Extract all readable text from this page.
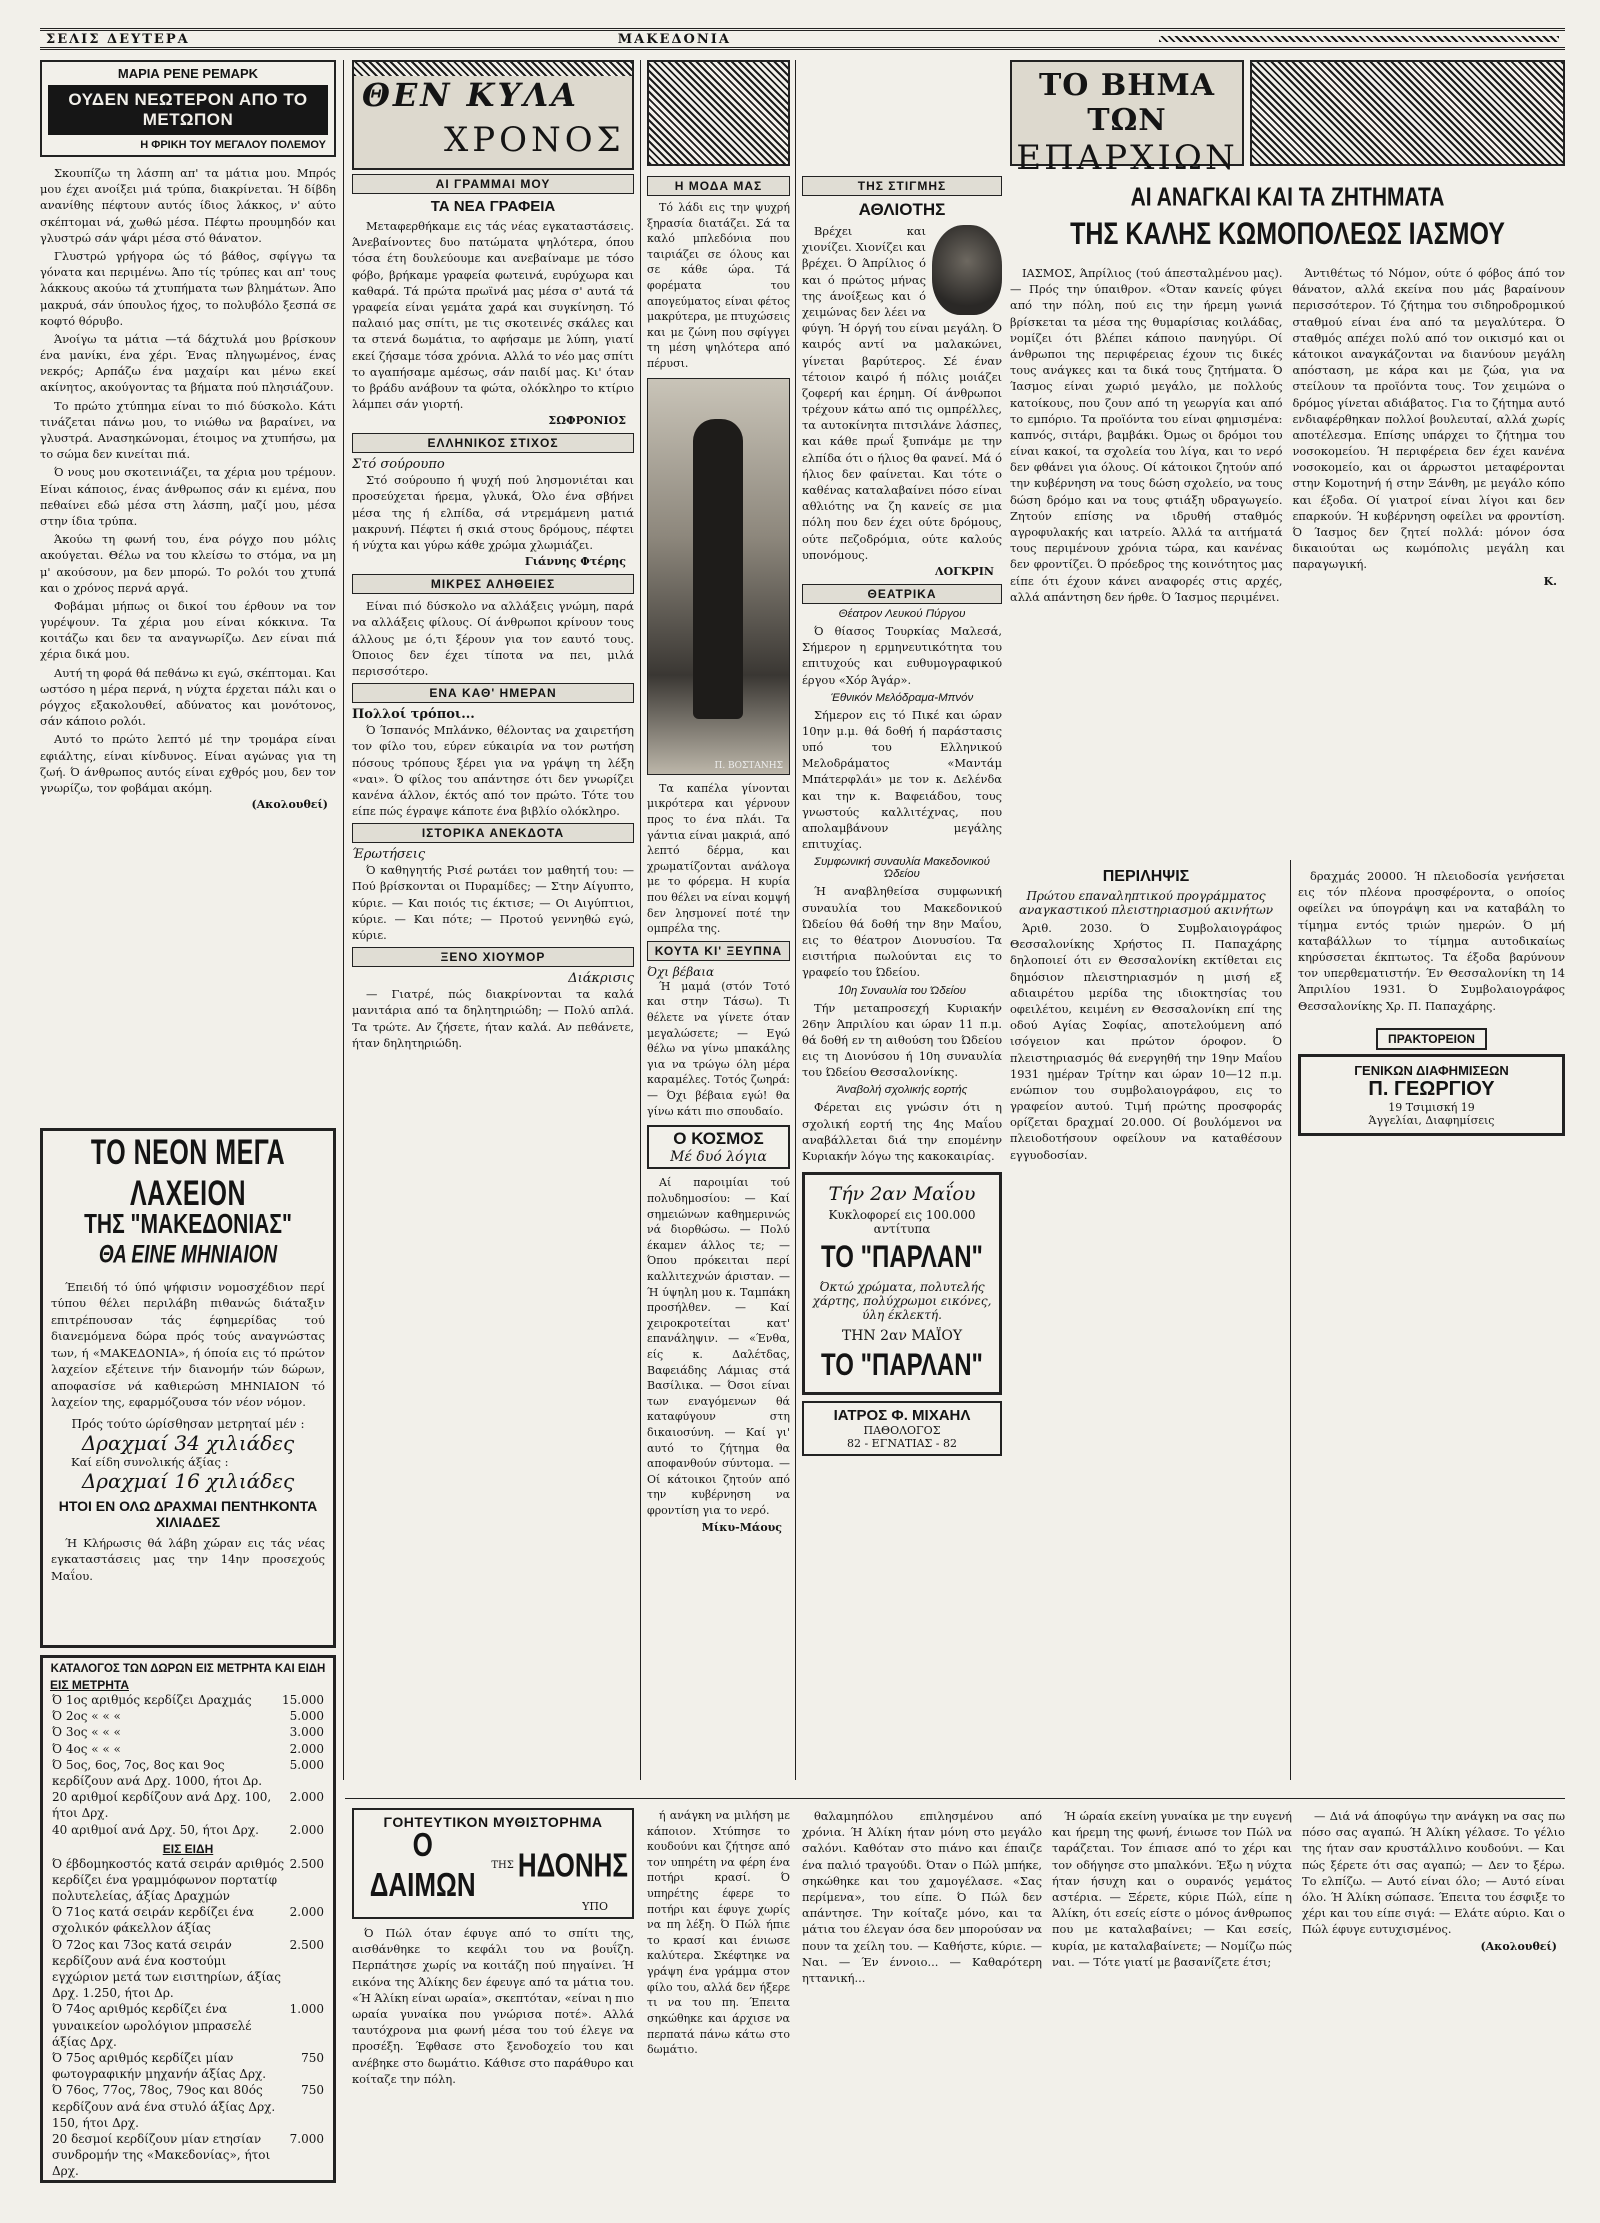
ΣΕΛΙΣ ΔΕΥΤΕΡΑ	ΜΑΚΕΔΟΝΙΑ
ΜΑΡΙΑ ΡΕΝΕ ΡΕΜΑΡΚ
ΟΥΔΕΝ ΝΕΩΤΕΡΟΝ ΑΠΟ ΤΟ ΜΕΤΩΠΟΝ
Η ΦΡΙΚΗ ΤΟΥ ΜΕΓΑΛΟΥ ΠΟΛΕΜΟΥ

Σκουπίζω τη λάσπη απ' τα μάτια μου. Μπρός μου έχει ανοίξει μιά τρύπα, διακρίνεται. Ή δίβδη ανανίθης πέφτουν αυτός ίδιος λάκκος, ν' αύτο σκέπτομαι νά, χωθώ μέσα. Πέφτω προυμηδόν και γλυστρώ σάν ψάρι μέσα στό θάνατον.

Γλυστρώ γρήγορα ώς τό βάθος, σφίγγω τα γόνατα και περιμένω. Άπο τίς τρύπες και απ' τους λάκκους ακούω τά χτυπήματα των βλημάτων. Άπο μακρυά, σάν ύπουλος ήχος, το πολυβόλο ξεσπά σε κοφτό θόρυβο.

Άνοίγω τα μάτια —τά δάχτυλά μου βρίσκουν ένα μανίκι, ένα χέρι. Ένας πληγωμένος, ένας νεκρός; Αρπάζω ένα μαχαίρι και μένω εκεί ακίνητος, ακούγοντας τα βήματα πού πλησιάζουν.

Το πρώτο χτύπημα είναι το πιό δύσκολο. Κάτι τινάζεται πάνω μου, το νιώθω να βαραίνει, να γλυστρά. Ανασηκώνομαι, έτοιμος να χτυπήσω, μα το σώμα δεν κινείται πιά.

Ό νους μου σκοτεινιάζει, τα χέρια μου τρέμουν. Είναι κάποιος, ένας άνθρωπος σάν κι εμένα, που πεθαίνει εδώ μέσα στη λάσπη, μαζί μου, μέσα στην ίδια τρύπα.

Άκούω τη φωνή του, ένα ρόγχο που μόλις ακούγεται. Θέλω να του κλείσω το στόμα, να μη μ' ακούσουν, μα δεν μπορώ. Το ρολόι του χτυπά και ο χρόνος περνά αργά.

Φοβάμαι μήπως οι δικοί του έρθουν να τον γυρέψουν. Τα χέρια μου είναι κόκκινα. Τα κοιτάζω και δεν τα αναγνωρίζω. Δεν είναι πιά χέρια δικά μου.

Αυτή τη φορά θά πεθάνω κι εγώ, σκέπτομαι. Και ωστόσο η μέρα περνά, η νύχτα έρχεται πάλι και ο ρόγχος εξακολουθεί, αδύνατος και μονότονος, σάν κάποιο ρολόι.

Αυτό το πρώτο λεπτό μέ την τρομάρα είναι εφιάλτης, είναι κίνδυνος. Είναι αγώνας για τη ζωή. Ό άνθρωπος αυτός είναι εχθρός μου, δεν τον γνωρίζω, τον φοβάμαι ακόμη.

(Ακολουθεί)
ΤΟ ΝΕΟΝ ΜΕΓΑ ΛΑΧΕΙΟΝ
ΤΗΣ "ΜΑΚΕΔΟΝΙΑΣ"
ΘΑ ΕΙΝΕ ΜΗΝΙΑΙΟΝ

Έπειδή τό ύπό ψήφισιν νομοσχέδιον περί τύπου θέλει περιλάβη πιθανώς διάταξιν επιτρέπουσαν τάς έφημερίδας τού διανεμόμενα δώρα πρός τούς αναγνώστας των, ή «ΜΑΚΕΔΟΝΙΑ», ή όποία εις τό πρώτον λαχείον εξέτεινε τήν διανομήν τών δώρων, αποφασίσε νά καθιερώση ΜΗΝΙΑΙΟΝ τό λαχείον της, εφαρμόζουσα τόν νέον νόμον.

Πρός τούτο ώρίσθησαν μετρηταί μέν :
Δραχμαί 34 χιλιάδες
Καί είδη συνολικής άξίας :
Δραχμαί 16 χιλιάδες
ΗΤΟΙ ΕΝ ΟΛΩ ΔΡΑΧΜΑΙ ΠΕΝΤΗΚΟΝΤΑ ΧΙΛΙΑΔΕΣ

Ή Κλήρωσις θά λάβη χώραν εις τάς νέας εγκαταστάσεις μας την 14ην προσεχούς Μαΐου.

ΚΑΤΑΛΟΓΟΣ ΤΩΝ ΔΩΡΩΝ ΕΙΣ ΜΕΤΡΗΤΑ ΚΑΙ ΕΙΔΗ
ΕΙΣ ΜΕΤΡΗΤΑ
Ό 1ος αριθμός κερδίζει Δραχμάς	15.000
Ό 2ος « « «	5.000
Ό 3ος « « «	3.000
Ό 4ος « « «	2.000
Ό 5ος, 6ος, 7ος, 8ος και 9ος κερδίζουν ανά Δρχ. 1000, ήτοι Δρ.	5.000
20 αριθμοί κερδίζουν ανά Δρχ. 100, ήτοι Δρχ.	2.000
40 αριθμοί ανά Δρχ. 50, ήτοι Δρχ.	2.000
ΕΙΣ ΕΙΔΗ
Ό έβδομηκοστός κατά σειράν αριθμός κερδίζει ένα γραμμόφωνον πορτατίφ πολυτελείας, άξίας Δραχμών	2.500
Ό 71ος κατά σειράν κερδίζει ένα σχολικόν φάκελλον άξίας	2.000
Ό 72ος και 73ος κατά σειράν κερδίζουν ανά ένα κοστούμι εγχώριον μετά των εισιτηρίων, άξίας Δρχ. 1.250, ήτοι Δρ.	2.500
Ό 74ος αριθμός κερδίζει ένα γυναικείον ωρολόγιον μπρασελέ άξίας Δρχ.	1.000
Ό 75ος αριθμός κερδίζει μίαν φωτογραφικήν μηχανήν άξίας Δρχ.	750
Ό 76ος, 77ος, 78ος, 79ος και 80ός κερδίζουν ανά ένα στυλό άξίας Δρχ. 150, ήτοι Δρχ.	750
20 δεσμοί κερδίζουν μίαν ετησίαν συνδρομήν της «Μακεδονίας», ήτοι Δρχ.	7.000
ΘΕΝ ΚΥΛΑ
ΧΡΟΝΟΣ
ΑΙ ΓΡΑΜΜΑΙ ΜΟΥ
ΤΑ ΝΕΑ ΓΡΑΦΕΙΑ

Μεταφερθήκαμε εις τάς νέας εγκαταστάσεις. Άνεβαίνοντες δυο πατώματα ψηλότερα, όπου τόσα έτη δουλεύουμε και ανεβαίναμε με τόσο φόβο, βρήκαμε γραφεία φωτεινά, ευρύχωρα και καθαρά. Τά πρώτα πρωϊνά μας μέσα σ' αυτά τά γραφεία είναι γεμάτα χαρά και συγκίνηση. Τό παλαιό μας σπίτι, με τις σκοτεινές σκάλες και τα στενά δωμάτια, το αφήσαμε με λύπη, γιατί εκεί ζήσαμε τόσα χρόνια. Αλλά το νέο μας σπίτι το αγαπήσαμε αμέσως, σάν παιδί μας. Κι' όταν το βράδυ ανάβουν τα φώτα, ολόκληρο το κτίριο λάμπει σάν γιορτή.

ΣΩΦΡΟΝΙΟΣ
ΕΛΛΗΝΙΚΟΣ ΣΤΙΧΟΣ
Στό σούρουπο

Στό σούρουπο ή ψυχή πού λησμονιέται και προσεύχεται ήρεμα, γλυκά, Όλο ένα σβήνει μέσα της ή ελπίδα, σά ντρεμάμενη ματιά μακρυνή. Πέφτει ή σκιά στους δρόμους, πέφτει ή νύχτα και γύρω κάθε χρώμα χλωμιάζει.

Γιάννης Φτέρης
ΜΙΚΡΕΣ ΑΛΗΘΕΙΕΣ

Είναι πιό δύσκολο να αλλάξεις γνώμη, παρά να αλλάξεις φίλους. Οί άνθρωποι κρίνουν τους άλλους με ό,τι ξέρουν για τον εαυτό τους. Όποιος δεν έχει τίποτα να πει, μιλά περισσότερο.

ΕΝΑ ΚΑΘ' ΗΜΕΡΑΝ
Πολλοί τρόποι...

Ό Ίσπανός Μπλάνκο, θέλοντας να χαιρετήση τον φίλο του, εύρεν εύκαιρία να τον ρωτήση πόσους τρόπους ξέρει για να γράψη τη λέξη «ναι». Ό φίλος του απάντησε ότι δεν γνωρίζει κανένα άλλον, έκτός από τον πρώτο. Τότε του είπε πώς έγραψε κάποτε ένα βιβλίο ολόκληρο.

ΙΣΤΟΡΙΚΑ ΑΝΕΚΔΟΤΑ
Έρωτήσεις

Ό καθηγητής Ρισέ ρωτάει τον μαθητή του: — Πού βρίσκονται οι Πυραμίδες; — Στην Αίγυπτο, κύριε. — Και ποιός τις έκτισε; — Οι Αιγύπτιοι, κύριε. — Και πότε; — Προτού γεννηθώ εγώ, κύριε.

ΞΕΝΟ ΧΙΟΥΜΟΡ
Διάκρισις

— Γιατρέ, πώς διακρίνονται τα καλά μανιτάρια από τα δηλητηριώδη; — Πολύ απλά. Τα τρώτε. Αν ζήσετε, ήταν καλά. Αν πεθάνετε, ήταν δηλητηριώδη.

Η ΜΟΔΑ ΜΑΣ

Τό λάδι εις την ψυχρή ξηρασία διατάζει. Σά τα καλό μπλεδόνια που ταιριάζει σε όλους και σε κάθε ώρα. Τά φορέματα του απογεύματος είναι φέτος μακρύτερα, με πτυχώσεις και με ζώνη που σφίγγει τη μέση ψηλότερα από πέρυσι.

Π. ΒΟΣΤΑΝΗΣ

Τα καπέλα γίνονται μικρότερα και γέρνουν προς το ένα πλάι. Τα γάντια είναι μακριά, από λεπτό δέρμα, και χρωματίζονται ανάλογα με το φόρεμα. Η κυρία που θέλει να είναι κομψή δεν λησμονεί ποτέ την ομπρέλα της.

ΚΟΥΤΑ ΚΙ' ΞΕΥΠΝΑ
Όχι βέβαια

Ή μαμά (στόν Τοτό και στην Τάσω). Τι θέλετε να γίνετε όταν μεγαλώσετε; — Εγώ θέλω να γίνω μπακάλης για να τρώγω όλη μέρα καραμέλες. Τοτός ζωηρά: — Όχι βέβαια εγώ! θα γίνω κάτι πιο σπουδαίο.

Ο ΚΟΣΜΟΣ
Μέ δυό λόγια

Αί παροιμίαι τού πολυδημοσίου: — Καί σημειώνων καθημερινώς νά διορθώσω. — Πολύ έκαμεν άλλος τε; — Όπου πρόκειται περί καλλιτεχνών άρισταν. — Ή ύψηλη μου κ. Ταμπάκη προσήλθεν. — Καί χειροκροτείται κατ' επανάληψιν. — «Ένθα, είς κ. Δαλέτδας, Βαφειάδης Λάμιας στά Βασίλικα. — Όσοι είναι των εναγόμενων θά καταφύγουν στη δικαιοσύνη. — Καί γι' αυτό το ζήτημα θα αποφανθούν σύντομα. — Οί κάτοικοι ζητούν από την κυβέρνηση να φροντίση για το νερό.

Μίκυ-Μάους
ΤΗΣ ΣΤΙΓΜΗΣ
ΑΘΛΙΟΤΗΣ

Βρέχει και χιονίζει. Χιονίζει και βρέχει. Ό Άπρίλιος ό και ό πρώτος μήνας της άνοίξεως και ό χειμώνας δεν λέει να φύγη. Ή όργή του είναι μεγάλη. Ό καιρός αντί να μαλακώνει, γίνεται βαρύτερος. Σέ έναν τέτοιον καιρό ή πόλις μοιάζει ζοφερή και έρημη. Οί άνθρωποι τρέχουν κάτω από τις ομπρέλλες, τα αυτοκίνητα πιτσιλάνε λάσπες, και κάθε πρωΐ ξυπνάμε με την ελπίδα ότι ο ήλιος θα φανεί. Μά ό ήλιος δεν φαίνεται. Και τότε ο καθένας καταλαβαίνει πόσο είναι αθλιότης να ζη κανείς σε μια πόλη που δεν έχει ούτε δρόμους, ούτε πεζοδρόμια, ούτε καλούς υπονόμους.

ΛΟΓΚΡΙΝ
ΘΕΑΤΡΙΚΑ
Θέατρον Λευκού Πύργου

Ό θίασος Τουρκίας Μαλεσά, Σήμερον η ερμηνευτικότητα του επιτυχούς και ευθυμογραφικού έργου «Χόρ Άγάρ».

Έθνικόν Μελόδραμα-Μπνόν

Σήμερον εις τό Πικέ και ώραν 10ην μ.μ. θά δοθή ή παράστασις υπό του Ελληνικού Μελοδράματος «Μαντάμ Μπάτερφλάι» με τον κ. Δελένδα και την κ. Βαφειάδου, τους γνωστούς καλλιτέχνας, που απολαμβάνουν μεγάλης επιτυχίας.

Συμφωνική συναυλία Μακεδονικού Ώδείου

Ή αναβληθείσα συμφωνική συναυλία του Μακεδονικού Ώδείου θά δοθή την 8ην Μαΐου, εις το θέατρον Διονυσίου. Τα εισιτήρια πωλούνται εις το γραφείο του Ώδείου.

10η Συναυλία του Ώδείου

Τήν μεταπροσεχή Κυριακήν 26ην Άπριλίου και ώραν 11 π.μ. θά δοθή εν τη αιθούση του Ώδείου εις τη Διονύσου ή 10η συναυλία του Ώδείου Θεσσαλονίκης.

Άναβολή σχολικής εορτής

Φέρεται εις γνώσιν ότι η σχολική εορτή της 4ης Μαΐου αναβάλλεται διά την επομένην Κυριακήν λόγω της κακοκαιρίας.

Τήν 2αν Μαΐου
Κυκλοφορεί εις 100.000 αντίτυπα
ΤΟ "ΠΑΡΛΑΝ"
Όκτώ χρώματα, πολυτελής χάρτης, πολύχρωμοι εικόνες, ύλη έκλεκτή.
ΤΗΝ 2αν ΜΑΪΟΥ
ΤΟ "ΠΑΡΛΑΝ"
ΙΑΤΡΟΣ Φ. ΜΙΧΑΗΛ
ΠΑΘΟΛΟΓΟΣ
82 - ΕΓΝΑΤΙΑΣ - 82
ΤΟ ΒΗΜΑ ΤΩΝ
ΕΠΑΡΧΙΩΝ
ΑΙ ΑΝΑΓΚΑΙ ΚΑΙ ΤΑ ΖΗΤΗΜΑΤΑ
ΤΗΣ ΚΑΛΗΣ ΚΩΜΟΠΟΛΕΩΣ ΙΑΣΜΟΥ

ΙΑΣΜΟΣ, Άπρίλιος (τού άπεσταλμένου μας).— Πρός την ύπαιθρον. «Όταν κανείς φύγει από την πόλη, πού εις την ήρεμη γωνιά βρίσκεται τα μέσα της θυμαρίσιας κοιλάδας, νομίζει ότι βλέπει κάποιο πανηγύρι. Οί άνθρωποι της περιφέρειας έχουν τις δικές τους ανάγκες και τα δικά τους ζητήματα. Ό Ίασμος είναι χωριό μεγάλο, με πολλούς κατοίκους, που ζουν από τη γεωργία και από το εμπόριο. Τα προϊόντα του είναι φημισμένα: καπνός, σιτάρι, βαμβάκι. Όμως οι δρόμοι του είναι κακοί, τα σχολεία του λίγα, και το νερό δεν φθάνει για όλους. Οί κάτοικοι ζητούν από την κυβέρνηση να τους δώση σχολείο, να τους δώση δρόμο και να τους φτιάξη υδραγωγείο. Ζητούν επίσης να ιδρυθή σταθμός αγροφυλακής και ιατρείο. Άλλά τα αιτήματά τους περιμένουν χρόνια τώρα, και κανένας δεν φροντίζει. Ό πρόεδρος της κοινότητος μας είπε ότι έχουν κάνει αναφορές στις αρχές, αλλά απάντηση δεν ήρθε. Ό Ίασμος περιμένει.

Άντιθέτως τό Νόμον, ούτε ό φόβος άπό τον θάνατον, αλλά εκείνα που μάς βαραίνουν περισσότερον. Τό ζήτημα του σιδηροδρομικού σταθμού είναι ένα από τα μεγαλύτερα. Ό σταθμός απέχει πολύ από τον οικισμό και οι κάτοικοι αναγκάζονται να διανύουν μεγάλη απόσταση, με κάρα και με ζώα, για να στείλουν τα προϊόντα τους. Τον χειμώνα ο δρόμος γίνεται αδιάβατος. Για το ζήτημα αυτό ενδιαφέρθηκαν πολλοί βουλευταί, αλλά χωρίς αποτέλεσμα. Επίσης υπάρχει το ζήτημα του νοσοκομείου. Ή περιφέρεια δεν έχει κανένα νοσοκομείο, και οι άρρωστοι μεταφέρονται στην Κομοτηνή ή στην Ξάνθη, με μεγάλο κόπο και έξοδα. Οί γιατροί είναι λίγοι και δεν επαρκούν. Ή κυβέρνηση οφείλει να φροντίση. Ό Ίασμος δεν ζητεί πολλά: μόνον όσα δικαιούται ως κωμόπολις μεγάλη και παραγωγική.

Κ.
ΠΕΡΙΛΗΨΙΣ
Πρώτου επαναληπτικού προγράμματος αναγκαστικού πλειστηριασμού ακινήτων

Άριθ. 2030. Ό Συμβολαιογράφος Θεσσαλονίκης Χρήστος Π. Παπαχάρης δηλοποιεί ότι εν Θεσσαλονίκη εκτίθεται εις δημόσιον πλειστηριασμόν η μισή εξ αδιαιρέτου μερίδα της ιδιοκτησίας του οφειλέτου, κειμένη εν Θεσσαλονίκη επί της οδού Αγίας Σοφίας, αποτελούμενη από ισόγειον και πρώτον όροφον. Ό πλειστηριασμός θά ενεργηθή την 19ην Μαΐου 1931 ημέραν Τρίτην και ώραν 10—12 π.μ. ενώπιον του συμβολαιογράφου, εις το γραφείον αυτού. Τιμή πρώτης προσφοράς ορίζεται δραχμαί 20.000. Οί βουλόμενοι να πλειοδοτήσουν οφείλουν να καταθέσουν εγγυοδοσίαν.

δραχμάς 20000. Ή πλειοδοσία γενήσεται εις τόν πλέονα προσφέροντα, ο οποίος οφείλει να ύπογράψη και να καταβάλη το τίμημα εντός τριών ημερών. Ό μή καταβάλλων το τίμημα αυτοδικαίως κηρύσσεται έκπτωτος. Τα έξοδα βαρύνουν τον υπερθεματιστήν. Έν Θεσσαλονίκη τη 14 Άπριλίου 1931. Ό Συμβολαιογράφος Θεσσαλονίκης Χρ. Π. Παπαχάρης.

ΠΡΑΚΤΟΡΕΙΟΝ
ΓΕΝΙΚΩΝ ΔΙΑΦΗΜΙΣΕΩΝ
Π. ΓΕΩΡΓΙΟΥ
19 Τσιμισκή 19
Άγγελίαι, Διαφημίσεις
ΓΟΗΤΕΥΤΙΚΟΝ ΜΥΘΙΣΤΟΡΗΜΑ
Ο ΔΑΙΜΩΝ	ΤΗΣ ΗΔΟΝΗΣ
ΥΠΟ

Ό Πώλ όταν έφυγε από το σπίτι της, αισθάνθηκε το κεφάλι του να βουΐζη. Περπάτησε χωρίς να κοιτάζη πού πηγαίνει. Ή εικόνα της Άλίκης δεν έφευγε από τα μάτια του. «Ή Άλίκη είναι ωραία», σκεπτόταν, «είναι η πιο ωραία γυναίκα που γνώρισα ποτέ». Αλλά ταυτόχρονα μια φωνή μέσα του τού έλεγε να προσέξη. Έφθασε στο ξενοδοχείο του και ανέβηκε στο δωμάτιο. Κάθισε στο παράθυρο και κοίταζε την πόλη.

ή ανάγκη να μιλήση με κάποιον. Χτύπησε το κουδούνι και ζήτησε από τον υπηρέτη να φέρη ένα ποτήρι κρασί. Ό υπηρέτης έφερε το ποτήρι και έφυγε χωρίς να πη λέξη. Ό Πώλ ήπιε το κρασί και ένιωσε καλύτερα. Σκέφτηκε να γράψη ένα γράμμα στον φίλο του, αλλά δεν ήξερε τι να του πη. Έπειτα σηκώθηκε και άρχισε να περπατά πάνω κάτω στο δωμάτιο.

θαλαμηπόλου επιλησμένου από χρόνια. Ή Άλίκη ήταν μόνη στο μεγάλο σαλόνι. Καθόταν στο πιάνο και έπαιζε ένα παλιό τραγούδι. Όταν ο Πώλ μπήκε, σηκώθηκε και του χαμογέλασε. «Σας περίμενα», του είπε. Ό Πώλ δεν απάντησε. Την κοίταζε μόνο, και τα μάτια του έλεγαν όσα δεν μπορούσαν να πουν τα χείλη του. — Καθήστε, κύριε. — Ναι. — Έν έννοιο... — Καθαρότερη ηττανική...

Ή ώραία εκείνη γυναίκα με την ευγενή και ήρεμη της φωνή, ένιωσε τον Πώλ να ταράζεται. Τον έπιασε από το χέρι και τον οδήγησε στο μπαλκόνι. Έξω η νύχτα ήταν ήσυχη και ο ουρανός γεμάτος αστέρια. — Ξέρετε, κύριε Πώλ, είπε η Άλίκη, ότι εσείς είστε ο μόνος άνθρωπος που με καταλαβαίνει; — Και εσείς, κυρία, με καταλαβαίνετε; — Νομίζω πώς ναι. — Τότε γιατί με βασανίζετε έτσι;

— Διά νά άποφύγω την ανάγκη να σας πω πόσο σας αγαπώ. Ή Άλίκη γέλασε. Το γέλιο της ήταν σαν κρυστάλλινο κουδούνι. — Και πώς ξέρετε ότι σας αγαπώ; — Δεν το ξέρω. Το ελπίζω. — Αυτό είναι όλο; — Αυτό είναι όλο. Ή Άλίκη σώπασε. Έπειτα του έσφιξε το χέρι και του είπε σιγά: — Ελάτε αύριο. Και ο Πώλ έφυγε ευτυχισμένος.

(Ακολουθεί)
